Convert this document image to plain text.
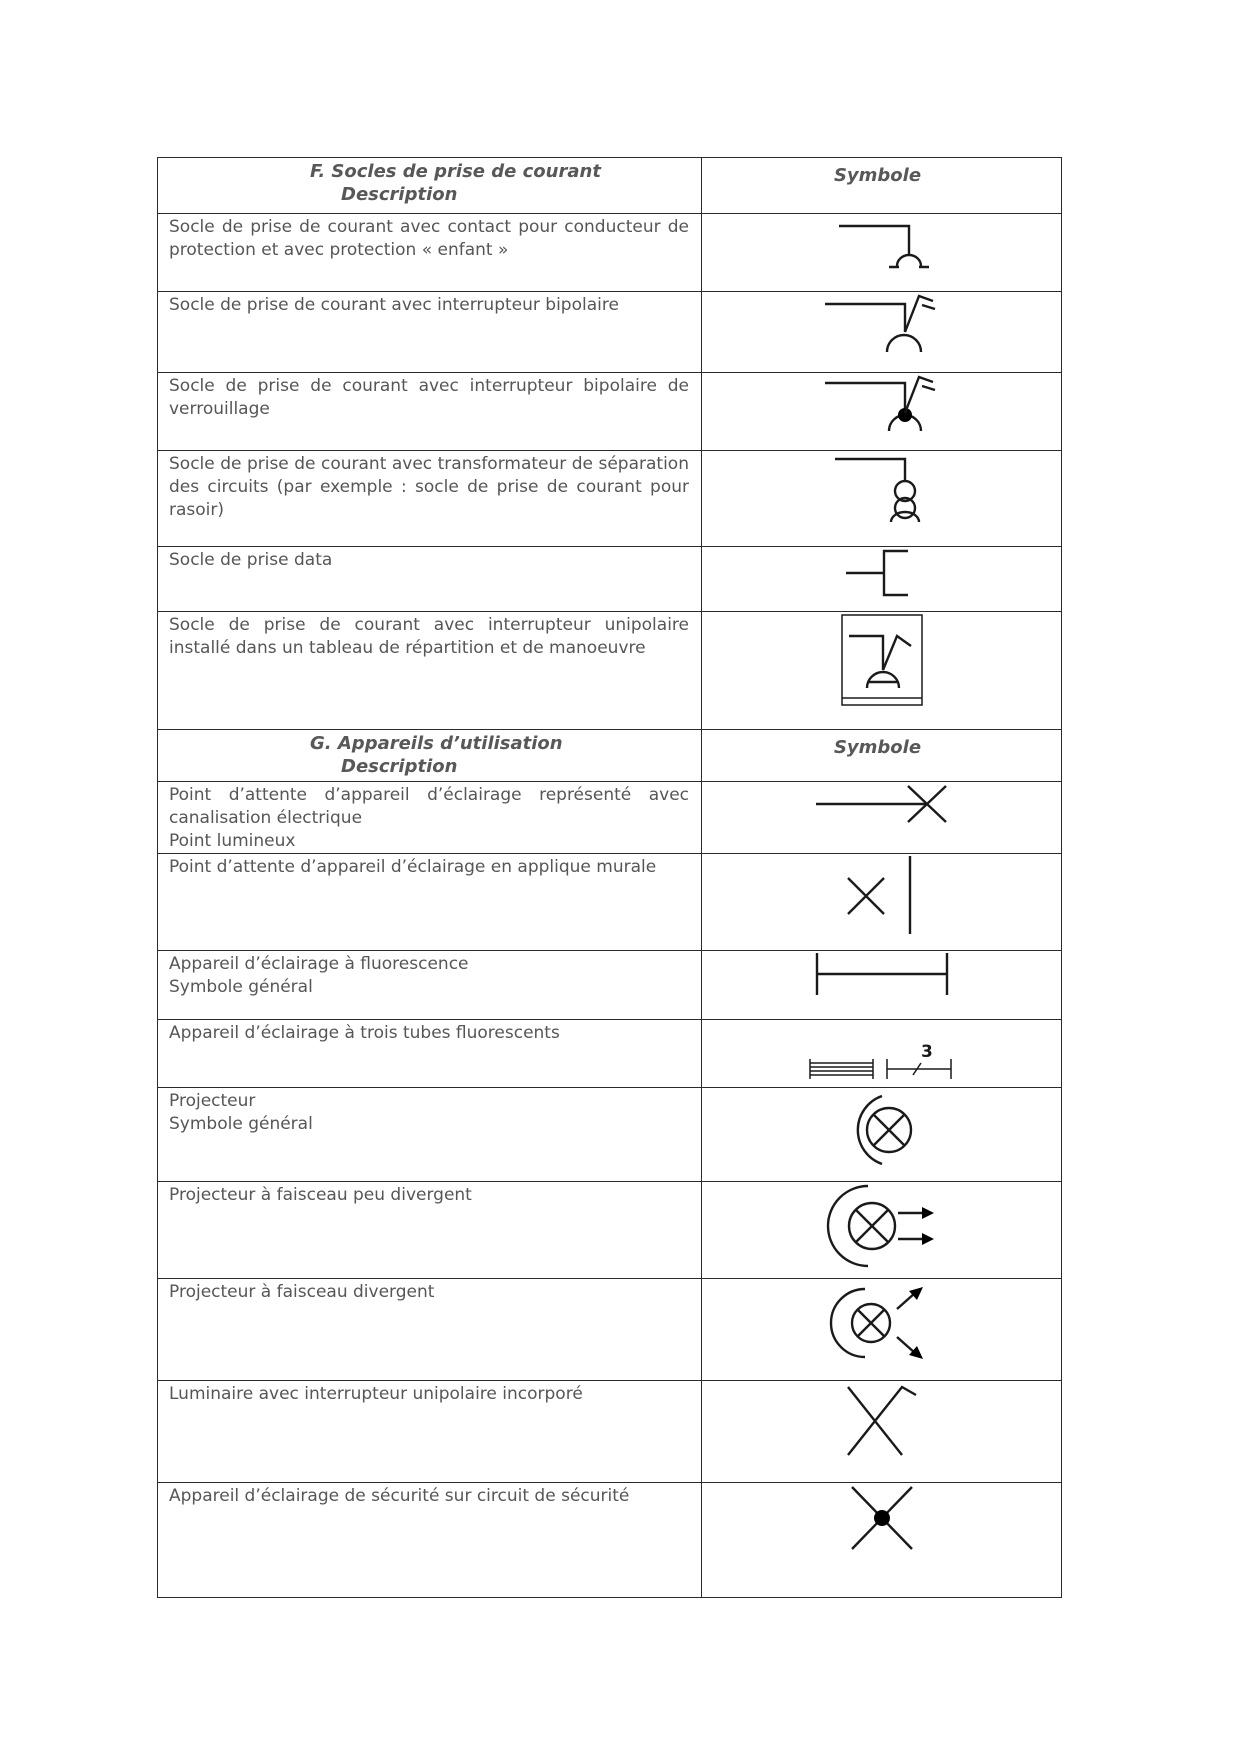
F. Socles de prise de courant
Description	Symbole

Socle de prise de courant avec contact pour conducteur de protection et avec protection « enfant »

Socle de prise de courant avec interrupteur bipolaire

Socle de prise de courant avec interrupteur bipolaire de verrouillage

Socle de prise de courant avec transformateur de séparation des circuits (par exemple : socle de prise de courant pour rasoir)

Socle de prise data

Socle de prise de courant avec interrupteur unipolaire installé dans un tableau de répartition et de manoeuvre

G. Appareils d’utilisation
Description	Symbole

Point d’attente d’appareil d’éclairage représenté avec canalisation électrique
Point lumineux

Point d’attente d’appareil d’éclairage en applique murale

Appareil d’éclairage à fluorescence
Symbole général

Appareil d’éclairage à trois tubes fluorescents	3

Projecteur
Symbole général

Projecteur à faisceau peu divergent

Projecteur à faisceau divergent

Luminaire avec interrupteur unipolaire incorporé

Appareil d’éclairage de sécurité sur circuit de sécurité
